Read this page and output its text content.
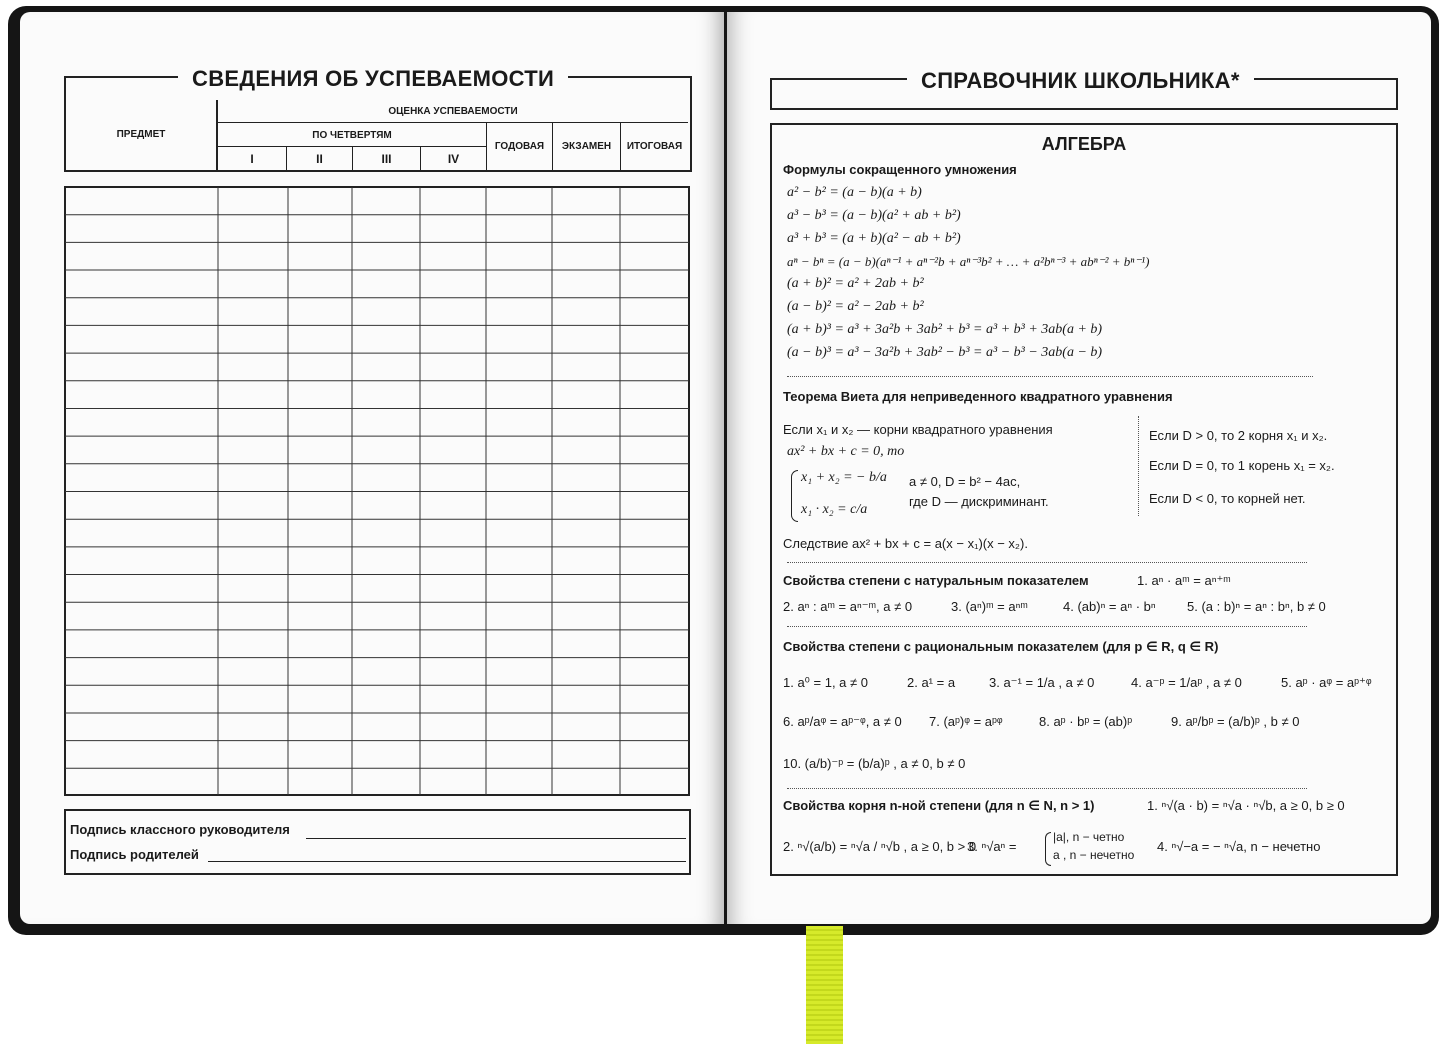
СВЕДЕНИЯ ОБ УСПЕВАЕМОСТИ
ПРЕДМЕТ
ОЦЕНКА УСПЕВАЕМОСТИ
ПО ЧЕТВЕРТЯМ
I	II	III	IV
ГОДОВАЯ	ЭКЗАМЕН	ИТОГОВАЯ
Подпись классного руководителя
Подпись родителей
СПРАВОЧНИК ШКОЛЬНИКА*
АЛГЕБРА
Формулы сокращенного умножения
a² − b² = (a − b)(a + b)
a³ − b³ = (a − b)(a² + ab + b²)
a³ + b³ = (a + b)(a² − ab + b²)
aⁿ − bⁿ = (a − b)(aⁿ⁻¹ + aⁿ⁻²b + aⁿ⁻³b² + … + a²bⁿ⁻³ + abⁿ⁻² + bⁿ⁻¹)
(a + b)² = a² + 2ab + b²
(a − b)² = a² − 2ab + b²
(a + b)³ = a³ + 3a²b + 3ab² + b³ = a³ + b³ + 3ab(a + b)
(a − b)³ = a³ − 3a²b + 3ab² − b³ = a³ − b³ − 3ab(a − b)
Теорема Виета для неприведенного квадратного уравнения
Если x₁ и x₂ — корни квадратного уравнения
ax² + bx + c = 0, то
x₁ + x₂ = − b/a
x₁ · x₂ = c/a
a ≠ 0, D = b² − 4ac,
где D — дискриминант.
Если D > 0, то 2 корня x₁ и x₂.
Если D = 0, то 1 корень x₁ = x₂.
Если D < 0, то корней нет.
Следствие ax² + bx + c = a(x − x₁)(x − x₂).
Свойства степени с натуральным показателем	1. aⁿ · aᵐ = aⁿ⁺ᵐ
2. aⁿ : aᵐ = aⁿ⁻ᵐ, a ≠ 0	3. (aⁿ)ᵐ = aⁿᵐ	4. (ab)ⁿ = aⁿ · bⁿ 5. (a : b)ⁿ = aⁿ : bⁿ, b ≠ 0
Свойства степени с рациональным показателем (для p ∈ R, q ∈ R)
1. a⁰ = 1, a ≠ 0	2. a¹ = a	3. a⁻¹ = 1/a , a ≠ 0	4. a⁻ᵖ = 1/aᵖ , a ≠ 0	5. aᵖ · aᵠ = aᵖ⁺ᵠ
6. aᵖ/aᵠ = aᵖ⁻ᵠ, a ≠ 0 7. (aᵖ)ᵠ = aᵖᵠ	8. aᵖ · bᵖ = (ab)ᵖ	9. aᵖ/bᵖ = (a/b)ᵖ , b ≠ 0
10. (a/b)⁻ᵖ = (b/a)ᵖ , a ≠ 0, b ≠ 0
Свойства корня n-ной степени (для n ∈ N, n > 1)	1. ⁿ√(a · b) = ⁿ√a · ⁿ√b, a ≥ 0, b ≥ 0
2. ⁿ√(a/b) = ⁿ√a / ⁿ√b , a ≥ 0, b > 0
3. ⁿ√aⁿ =
|a|, n − четно
a , n − нечетно
4. ⁿ√−a = − ⁿ√a, n − нечетно
